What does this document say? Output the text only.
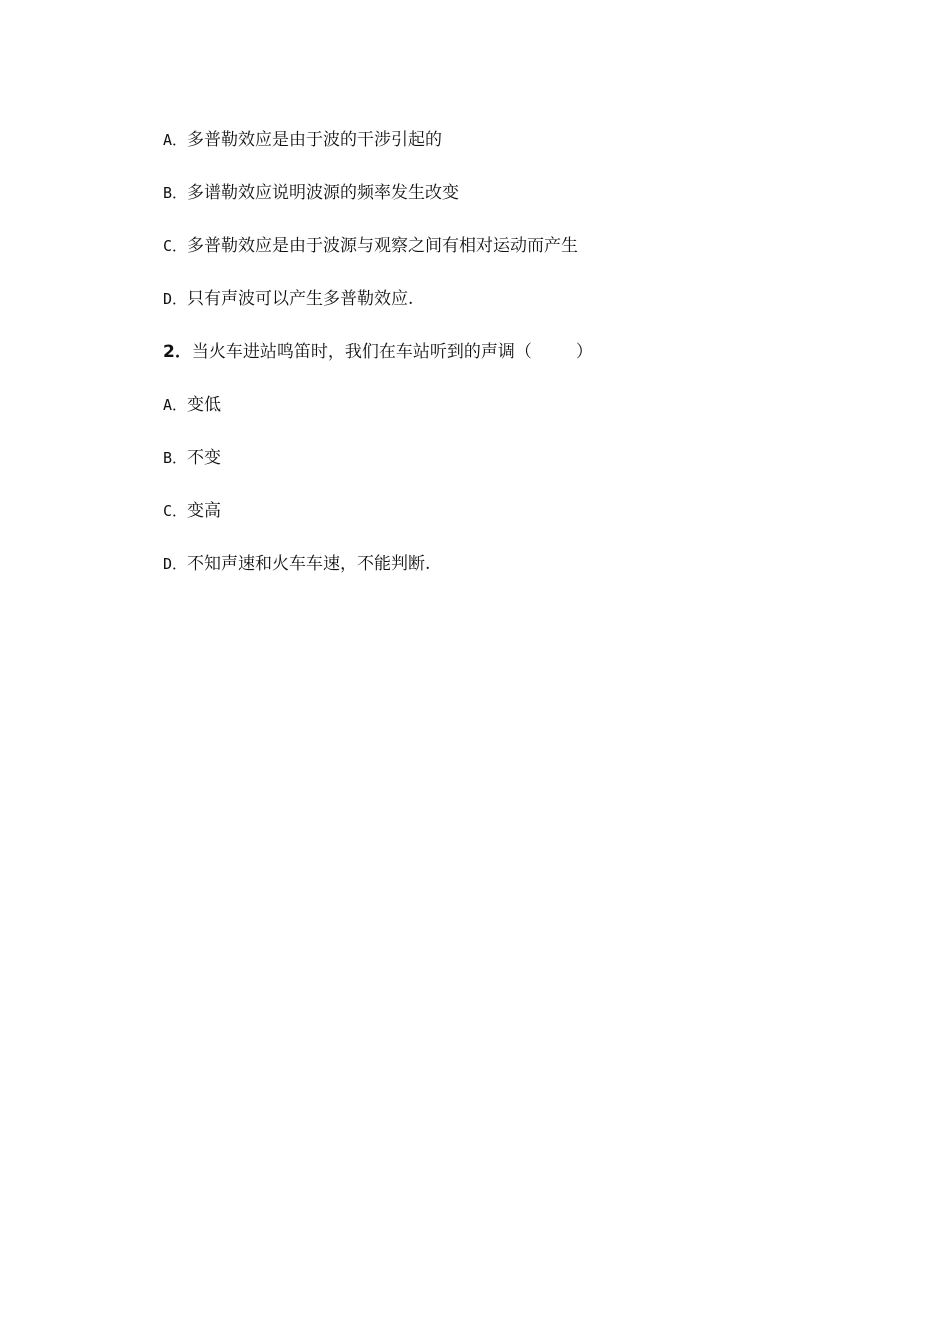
A．多普勒效应是由于波的干涉引起的
B．多谱勒效应说明波源的频率发生改变
C．多普勒效应是由于波源与观察之间有相对运动而产生
D．只有声波可以产生多普勒效应.
2．当火车进站鸣笛时，我们在车站听到的声调（	）
A．变低
B．不变
C．变高
D．不知声速和火车车速，不能判断.
